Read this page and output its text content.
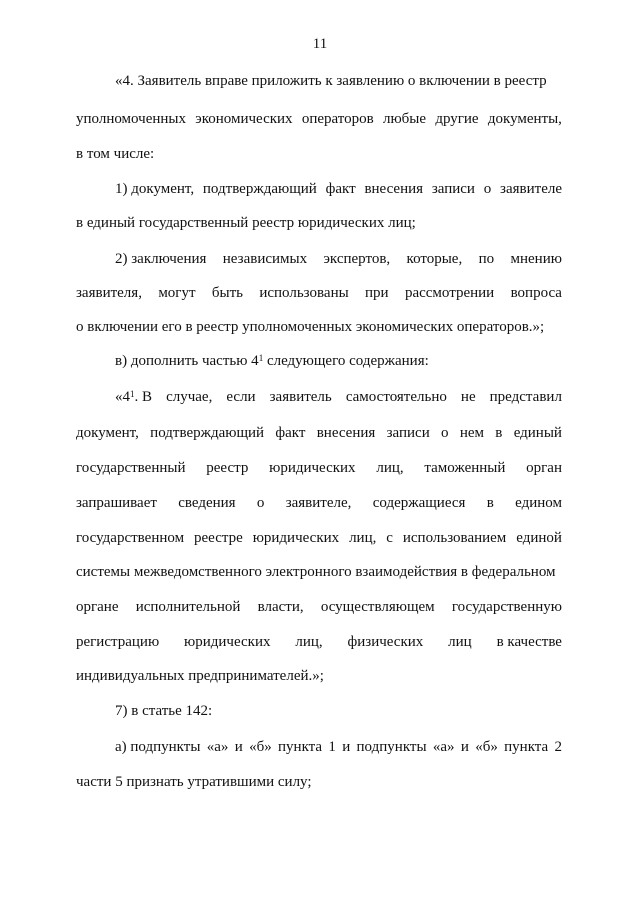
11
«4. Заявитель вправе приложить к заявлению о включении в реестр
уполномоченных экономических операторов любые другие документы,
в том числе:
1) документ, подтверждающий факт внесения записи о заявителе
в единый государственный реестр юридических лиц;
2) заключения независимых экспертов, которые, по мнению
заявителя, могут быть использованы при рассмотрении вопроса
о включении его в реестр уполномоченных экономических операторов.»;
в) дополнить частью $4^1$ следующего содержания:
«$4^1$. В случае, если заявитель самостоятельно не представил
документ, подтверждающий факт внесения записи о нем в единый
государственный реестр юридических лиц, таможенный орган
запрашивает сведения о заявителе, содержащиеся в едином
государственном реестре юридических лиц, с использованием единой
системы межведомственного электронного взаимодействия в федеральном
органе исполнительной власти, осуществляющем государственную
регистрацию юридических лиц, физических лиц в качестве
индивидуальных предпринимателей.»;
7) в статье 142:
а) подпункты «а» и «б» пункта 1 и подпункты «а» и «б» пункта 2
части 5 признать утратившими силу;
